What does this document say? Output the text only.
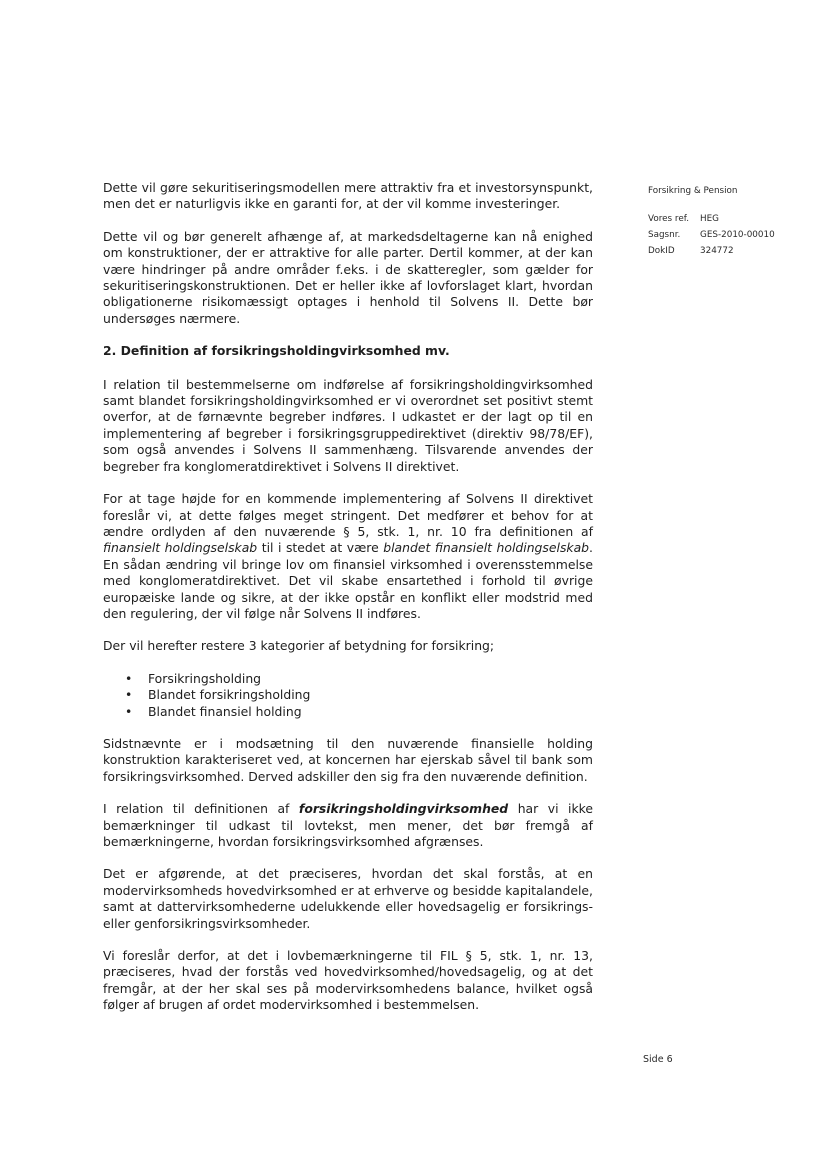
Dette vil gøre sekuritiseringsmodellen mere attraktiv fra et investorsynspunkt, men det er naturligvis ikke en garanti for, at der vil komme investeringer.

Dette vil og bør generelt afhænge af, at markedsdeltagerne kan nå enighed om konstruktioner, der er attraktive for alle parter. Dertil kommer, at der kan være hindringer på andre områder f.eks. i de skatteregler, som gælder for sekuritiseringskonstruktionen. Det er heller ikke af lovforslaget klart, hvordan obligationerne risikomæssigt optages i henhold til Solvens II. Dette bør undersøges nærmere.

2. Definition af forsikringsholdingvirksomhed mv.

I relation til bestemmelserne om indførelse af forsikringsholdingvirksomhed samt blandet forsikringsholdingvirksomhed er vi overordnet set positivt stemt overfor, at de førnævnte begreber indføres. I udkastet er der lagt op til en implementering af begreber i forsikringsgruppedirektivet (direktiv 98/78/EF), som også anvendes i Solvens II sammenhæng. Tilsvarende anvendes der begreber fra konglomeratdirektivet i Solvens II direktivet.

For at tage højde for en kommende implementering af Solvens II direktivet foreslår vi, at dette følges meget stringent. Det medfører et behov for at ændre ordlyden af den nuværende § 5, stk. 1, nr. 10 fra definitionen af finansielt holdingselskab til i stedet at være blandet finansielt holdingselskab. En sådan ændring vil bringe lov om finansiel virksomhed i overensstemmelse med konglomeratdirektivet. Det vil skabe ensartethed i forhold til øvrige europæiske lande og sikre, at der ikke opstår en konflikt eller modstrid med den regulering, der vil følge når Solvens II indføres.

Der vil herefter restere 3 kategorier af betydning for forsikring;

• Forsikringsholding
• Blandet forsikringsholding
• Blandet finansiel holding

Sidstnævnte er i modsætning til den nuværende finansielle holding konstruktion karakteriseret ved, at koncernen har ejerskab såvel til bank som forsikringsvirksomhed. Derved adskiller den sig fra den nuværende definition.

I relation til definitionen af forsikringsholdingvirksomhed har vi ikke bemærkninger til udkast til lovtekst, men mener, det bør fremgå af bemærkningerne, hvordan forsikringsvirksomhed afgrænses.

Det er afgørende, at det præciseres, hvordan det skal forstås, at en modervirksomheds hovedvirksomhed er at erhverve og besidde kapitalandele, samt at dattervirksomhederne udelukkende eller hovedsagelig er forsikrings- eller genforsikringsvirksomheder.

Vi foreslår derfor, at det i lovbemærkningerne til FIL § 5, stk. 1, nr. 13, præciseres, hvad der forstås ved hovedvirksomhed/hovedsagelig, og at det fremgår, at der her skal ses på modervirksomhedens balance, hvilket også følger af brugen af ordet modervirksomhed i bestemmelsen.

Forsikring & Pension
Vores ref.	HEG
Sagsnr.	GES-2010-00010
DokID	324772
Side 6
